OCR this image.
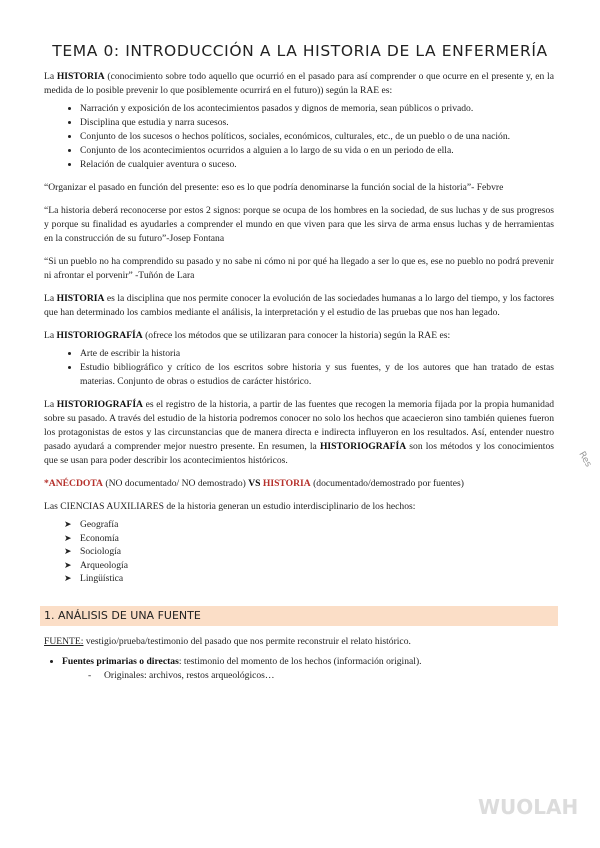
TEMA 0: INTRODUCCIÓN A LA HISTORIA DE LA ENFERMERÍA

La HISTORIA (conocimiento sobre todo aquello que ocurrió en el pasado para así comprender o que ocurre en el presente y, en la medida de lo posible prevenir lo que posiblemente ocurrirá en el futuro)) según la RAE es:

• Narración y exposición de los acontecimientos pasados y dignos de memoria, sean públicos o privado.
• Disciplina que estudia y narra sucesos.
• Conjunto de los sucesos o hechos políticos, sociales, económicos, culturales, etc., de un pueblo o de una nación.
• Conjunto de los acontecimientos ocurridos a alguien a lo largo de su vida o en un periodo de ella.
• Relación de cualquier aventura o suceso.

“Organizar el pasado en función del presente: eso es lo que podría denominarse la función social de la historia”- Febvre

“La historia deberá reconocerse por estos 2 signos: porque se ocupa de los hombres en la sociedad, de sus luchas y de sus progresos y porque su finalidad es ayudarles a comprender el mundo en que viven para que les sirva de arma ensus luchas y de herramientas en la construcción de su futuro”-Josep Fontana

“Si un pueblo no ha comprendido su pasado y no sabe ni cómo ni por qué ha llegado a ser lo que es, ese no pueblo no podrá prevenir ni afrontar el porvenir” -Tuñón de Lara

La HISTORIA es la disciplina que nos permite conocer la evolución de las sociedades humanas a lo largo del tiempo, y los factores que han determinado los cambios mediante el análisis, la interpretación y el estudio de las pruebas que nos han legado.

La HISTORIOGRAFÍA (ofrece los métodos que se utilizaran para conocer la historia) según la RAE es:

• Arte de escribir la historia
• Estudio bibliográfico y crítico de los escritos sobre historia y sus fuentes, y de los autores que han tratado de estas materias. Conjunto de obras o estudios de carácter histórico.

La HISTORIOGRAFÍA es el registro de la historia, a partir de las fuentes que recogen la memoria fijada por la propia humanidad sobre su pasado. A través del estudio de la historia podremos conocer no solo los hechos que acaecieron sino también quienes fueron los protagonistas de estos y las circunstancias que de manera directa e indirecta influyeron en los resultados. Así, entender nuestro pasado ayudará a comprender mejor nuestro presente. En resumen, la HISTORIOGRAFÍA son los métodos y los conocimientos que se usan para poder describir los acontecimientos históricos.

*ANÉCDOTA (NO documentado/ NO demostrado) VS HISTORIA (documentado/demostrado por fuentes)

Las CIENCIAS AUXILIARES de la historia generan un estudio interdisciplinario de los hechos:

➤ Geografía
➤ Economía
➤ Sociología
➤ Arqueología
➤ Lingüística
1. ANÁLISIS DE UNA FUENTE

FUENTE: vestigio/prueba/testimonio del pasado que nos permite reconstruir el relato histórico.

• Fuentes primarias o directas: testimonio del momento de los hechos (información original).
- Originales: archivos, restos arqueológicos…
Res
WUOLAH
